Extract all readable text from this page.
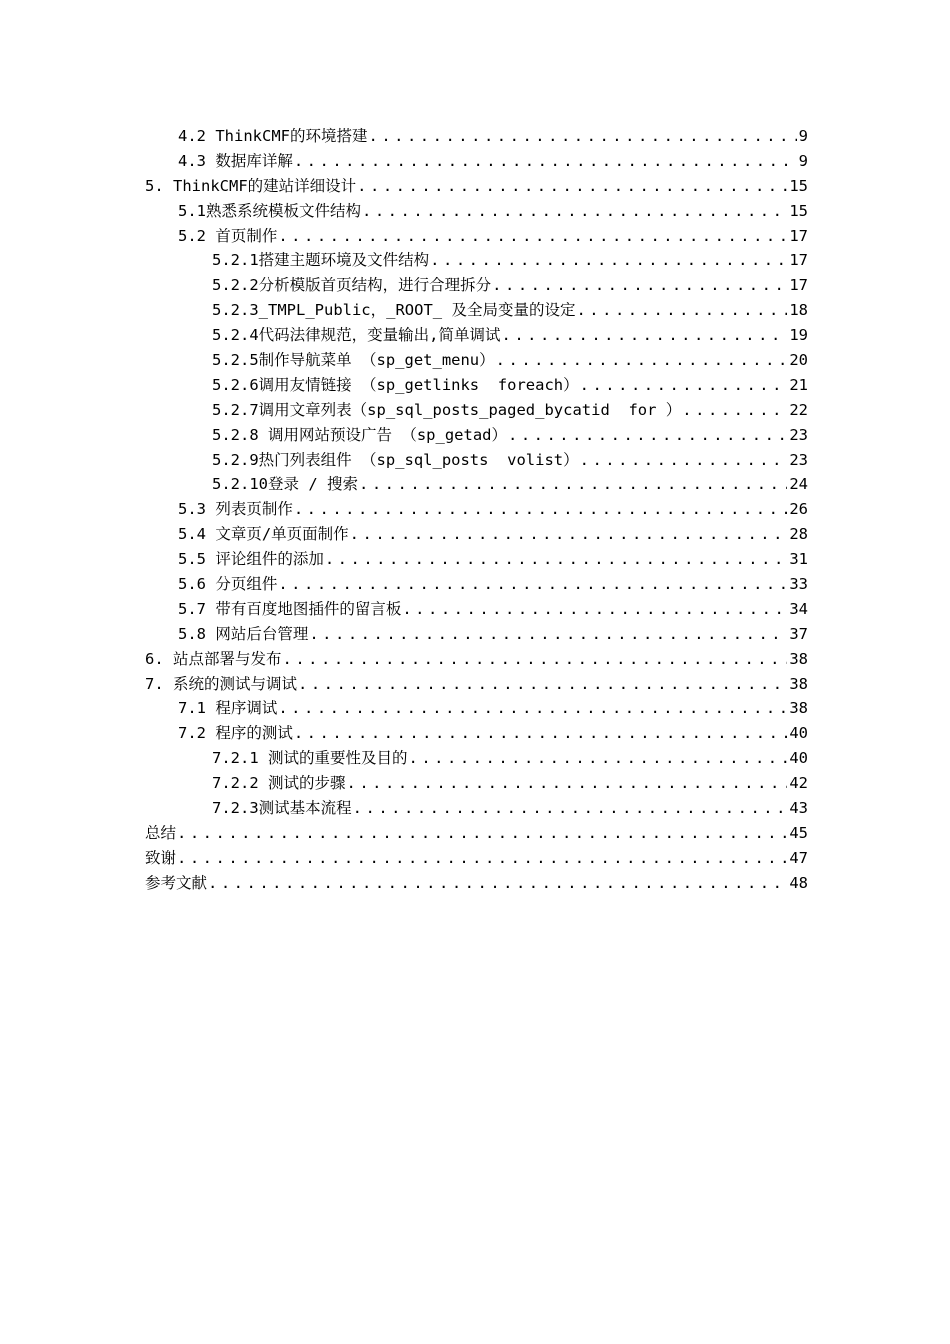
4.2 ThinkCMF的环境搭建 .....	9
4.3 数据库详解 .....	9
5. ThinkCMF的建站详细设计 .....	15
5.1熟悉系统模板文件结构 .....	15
5.2 首页制作 .....	17
5.2.1搭建主题环境及文件结构 .....	17
5.2.2分析模版首页结构，进行合理拆分 .....	17
5.2.3_TMPL_Public，_ROOT_ 及全局变量的设定 .....	18
5.2.4代码法律规范，变量输出,简单调试 .....	19
5.2.5制作导航菜单 （sp_get_menu） .....	20
5.2.6调用友情链接 （sp_getlinks  foreach） .....	21
5.2.7调用文章列表（sp_sql_posts_paged_bycatid  for ） .....	22
5.2.8 调用网站预设广告 （sp_getad） .....	23
5.2.9热门列表组件 （sp_sql_posts  volist） .....	23
5.2.10登录 / 搜索 .....	24
5.3 列表页制作 .....	26
5.4 文章页/单页面制作 .....	28
5.5 评论组件的添加 .....	31
5.6 分页组件 .....	33
5.7 带有百度地图插件的留言板 .....	34
5.8 网站后台管理 .....	37
6. 站点部署与发布 .....	38
7. 系统的测试与调试 .....	38
7.1 程序调试 .....	38
7.2 程序的测试 .....	40
7.2.1 测试的重要性及目的 .....	40
7.2.2 测试的步骤 .....	42
7.2.3测试基本流程 .....	43
总结 .....	45
致谢 .....	47
参考文献 .....	48
